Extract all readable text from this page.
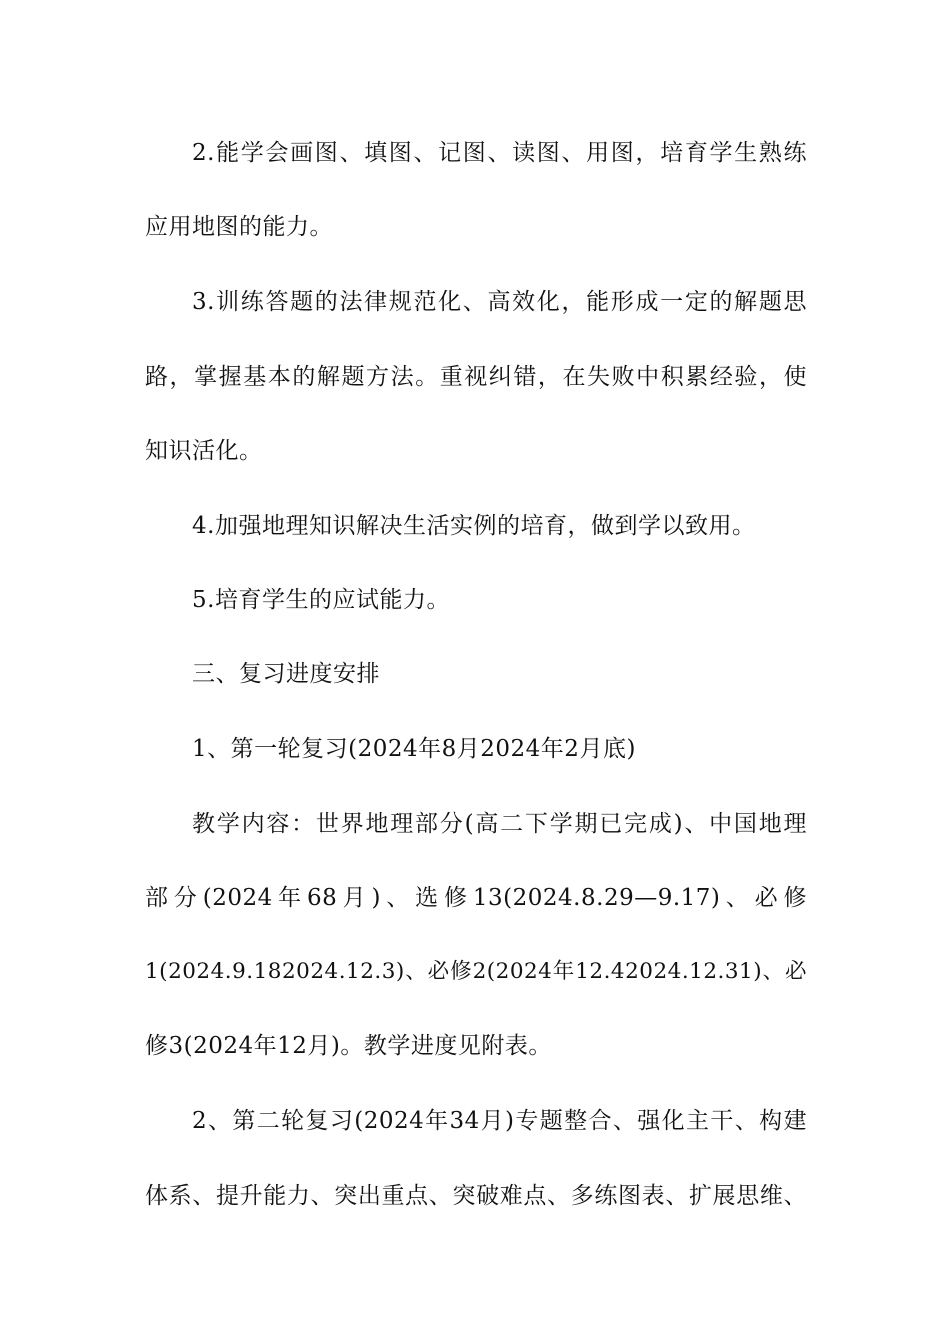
2.能学会画图、填图、记图、读图、用图，培育学生熟练
应用地图的能力。
3.训练答题的法律规范化、高效化，能形成一定的解题思
路，掌握基本的解题方法。重视纠错，在失败中积累经验，使
知识活化。
4.加强地理知识解决生活实例的培育，做到学以致用。
5.培育学生的应试能力。
三、复习进度安排
1、第一轮复习(2024年8月2024年2月底)
教学内容：世界地理部分(高二下学期已完成)、中国地理
部分(2024年68月)、选修13(2024.8.29—9.17)、必修
1(2024.9.182024.12.3)、必修2(2024年12.42024.12.31)、必
修3(2024年12月)。教学进度见附表。
2、第二轮复习(2024年34月)专题整合、强化主干、构建
体系、提升能力、突出重点、突破难点、多练图表、扩展思维、
